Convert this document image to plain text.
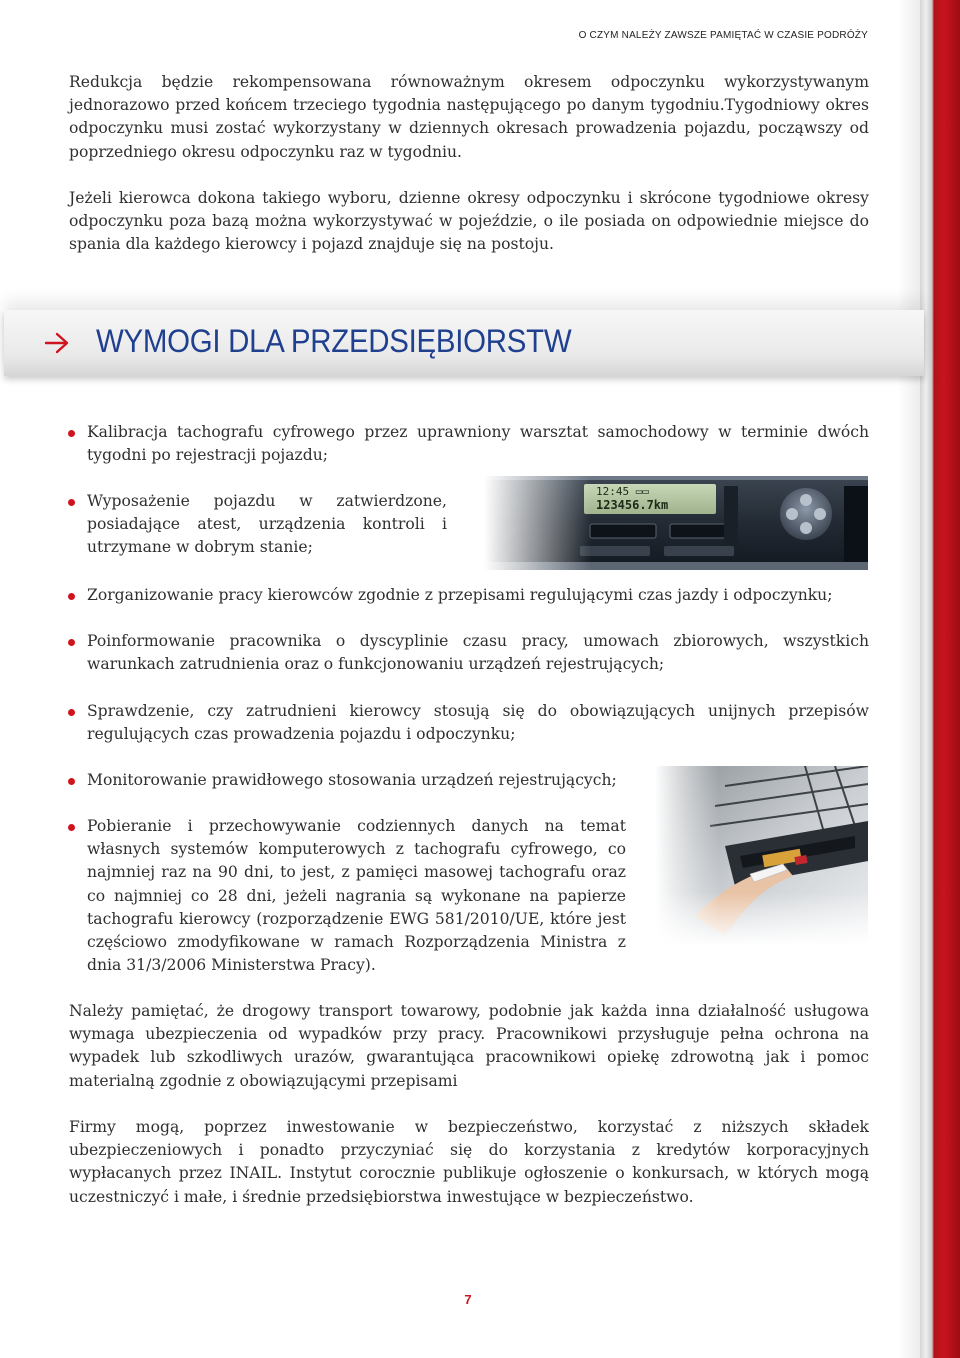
O CZYM NALEŻY ZAWSZE PAMIĘTAĆ W CZASIE PODRÓŻY

Redukcja będzie rekompensowana równoważnym okresem odpoczynku wykorzystywanym jednorazowo przed końcem trzeciego tygodnia następującego po danym tygodniu.Tygodniowy okres odpoczynku musi zostać wykorzystany w dziennych okresach prowadzenia pojazdu, począwszy od poprzedniego okresu odpoczynku raz w tygodniu.

Jeżeli kierowca dokona takiego wyboru, dzienne okresy odpoczynku i skrócone tygodniowe okresy odpoczynku poza bazą można wykorzystywać w pojeździe, o ile posiada on odpowiednie miejsce do spania dla każdego kierowcy i pojazd znajduje się na postoju.

WYMOGI DLA PRZEDSIĘBIORSTW
Kalibracja tachografu cyfrowego przez uprawniony warsztat samochodowy w terminie dwóch tygodni po rejestracji pojazdu;
Wyposażenie pojazdu w zatwierdzone, posiadające atest, urządzenia kontroli i utrzymane w dobrym stanie;
Zorganizowanie pracy kierowców zgodnie z przepisami regulującymi czas jazdy i odpoczynku;
Poinformowanie pracownika o dyscyplinie czasu pracy, umowach zbiorowych, wszystkich warunkach zatrudnienia oraz o funkcjonowaniu urządzeń rejestrujących;
Sprawdzenie, czy zatrudnieni kierowcy stosują się do obowiązujących unijnych przepisów regulujących czas prowadzenia pojazdu i odpoczynku;
Monitorowanie prawidłowego stosowania urządzeń rejestrujących;
Pobieranie i przechowywanie codziennych danych na temat własnych systemów komputerowych z tachografu cyfrowego, co najmniej raz na 90 dni, to jest, z pamięci masowej tachografu oraz co najmniej co 28 dni, jeżeli nagrania są wykonane na papierze tachografu kierowcy (rozporządzenie EWG 581/2010/UE, które jest częściowo zmodyfikowane w ramach Rozporządzenia Ministra z dnia 31/3/2006 Ministerstwa Pracy).

Należy pamiętać, że drogowy transport towarowy, podobnie jak każda inna działalność usługowa wymaga ubezpieczenia od wypadków przy pracy. Pracownikowi przysługuje pełna ochrona na wypadek lub szkodliwych urazów, gwarantująca pracownikowi opiekę zdrowotną jak i pomoc materialną zgodnie z obowiązującymi przepisami

Firmy mogą, poprzez inwestowanie w bezpieczeństwo, korzystać z niższych składek ubezpieczeniowych i ponadto przyczyniać się do korzystania z kredytów korporacyjnych wypłacanych przez INAIL. Instytut corocznie publikuje ogłoszenie o konkursach, w których mogą uczestniczyć i małe, i średnie przedsiębiorstwa inwestujące w bezpieczeństwo.

7
